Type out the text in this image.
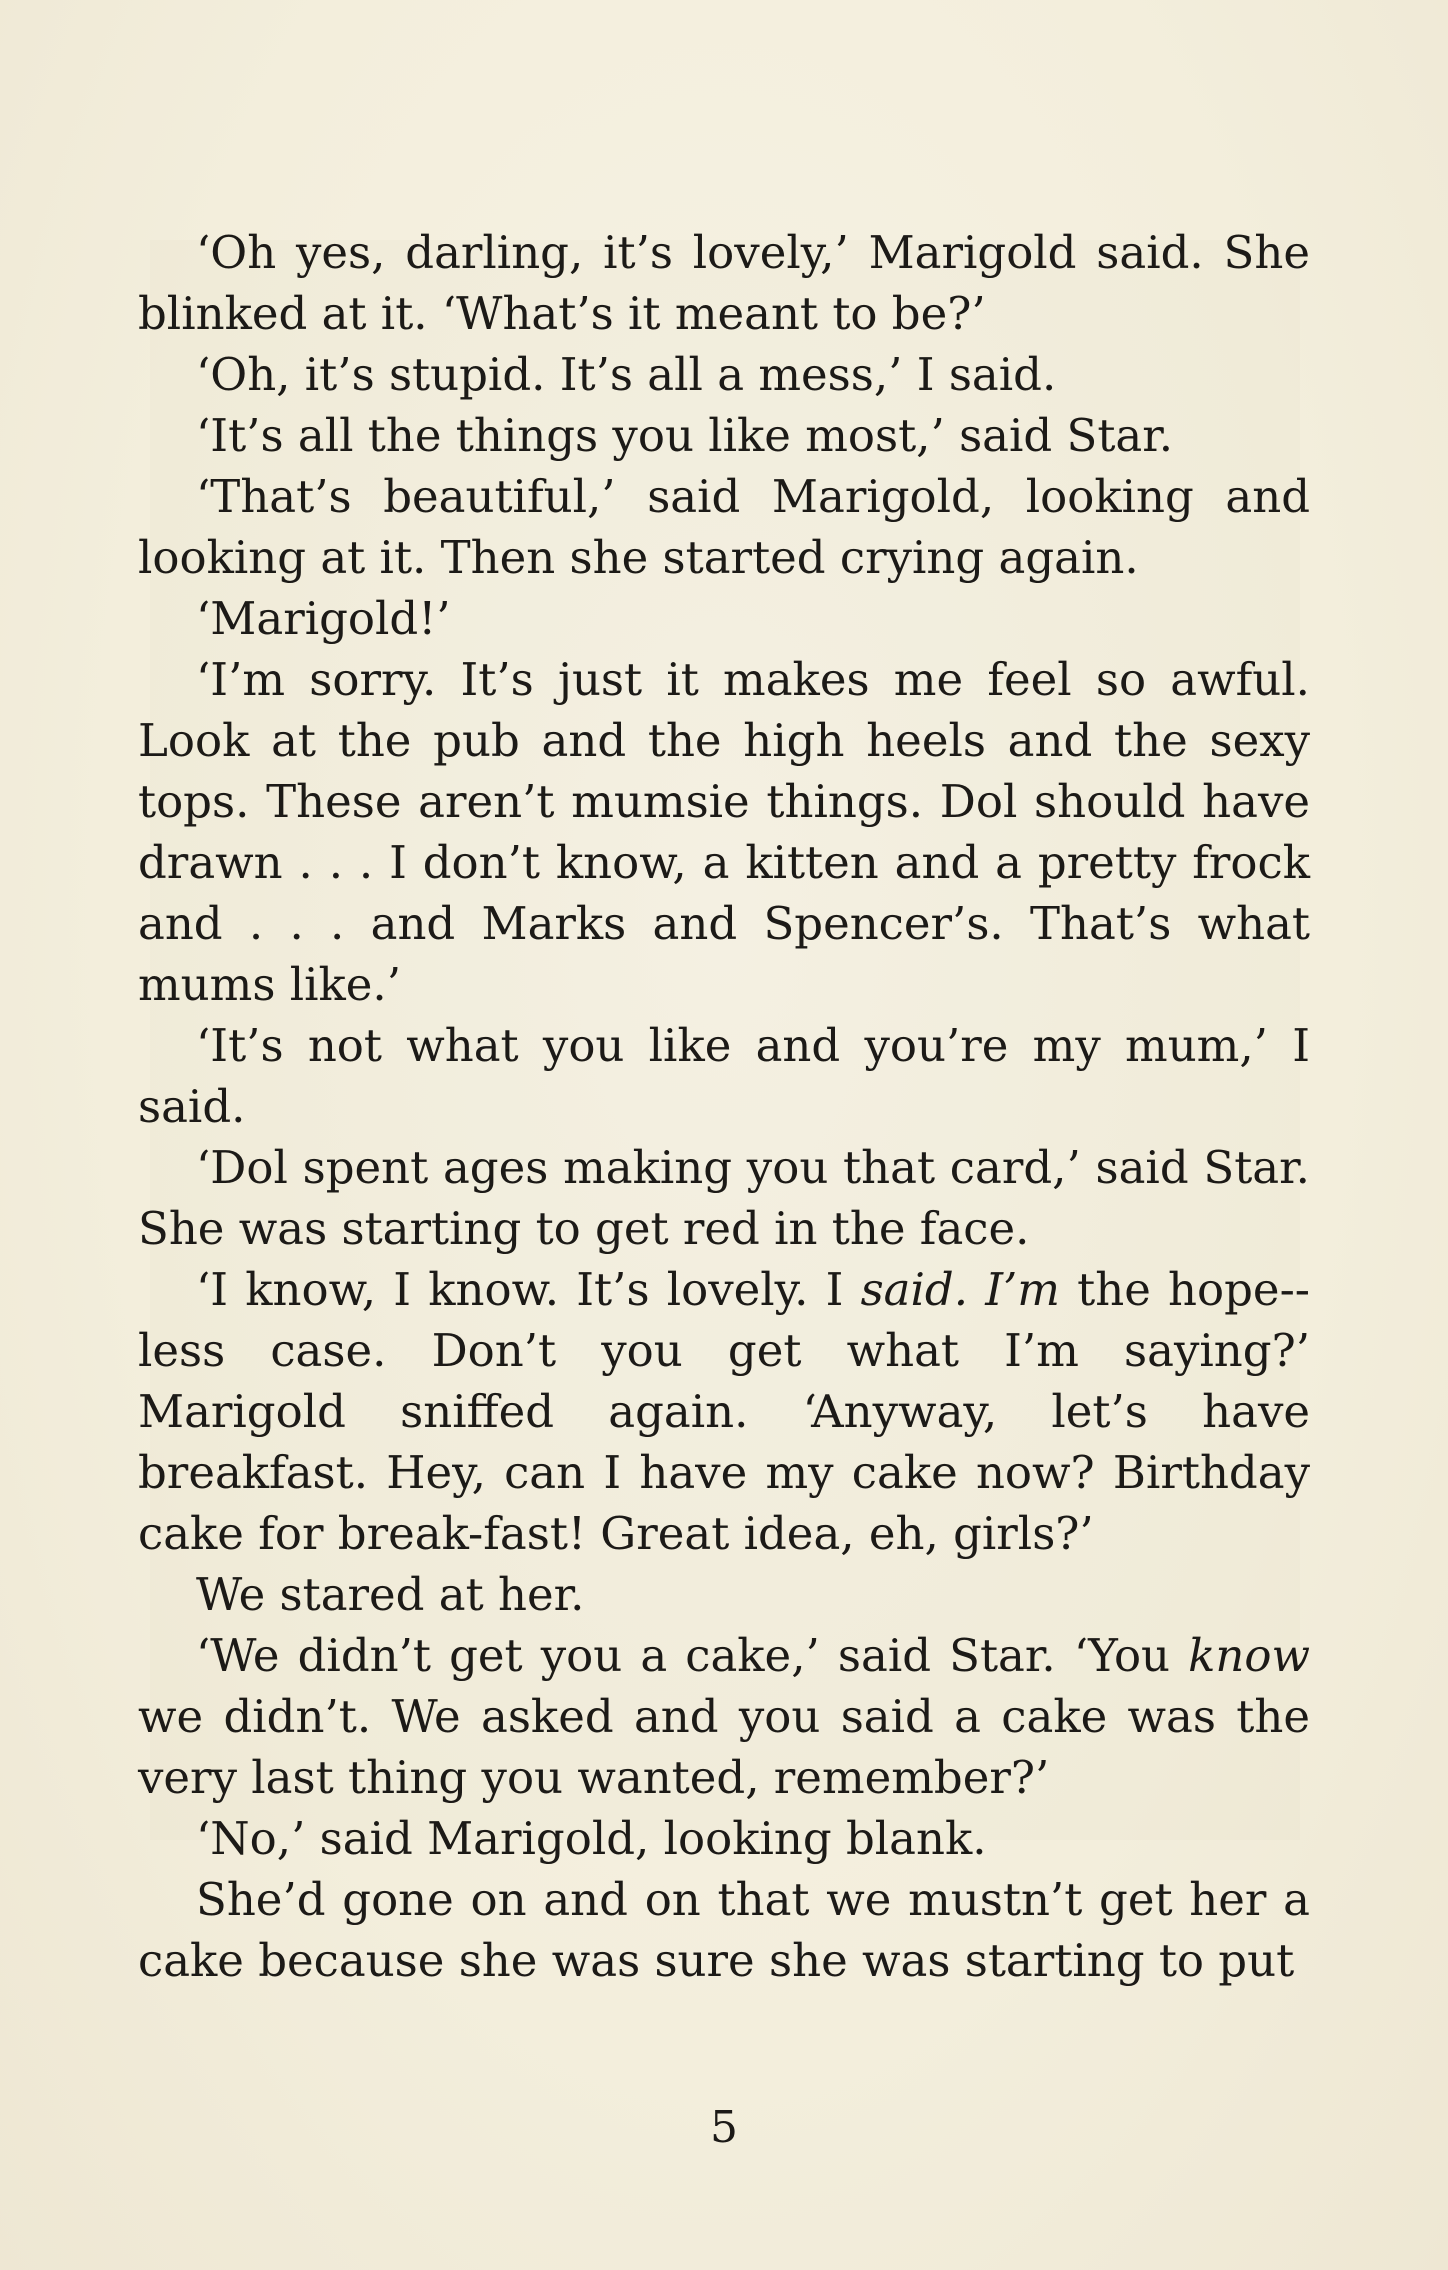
‘Oh yes, darling, it’s lovely,’ Marigold said. She blinked at it. ‘What’s it meant to be?’

‘Oh, it’s stupid. It’s all a mess,’ I said.

‘It’s all the things you like most,’ said Star.

‘That’s beautiful,’ said Marigold, looking and looking at it. Then she started crying again.

‘Marigold!’

‘I’m sorry. It’s just it makes me feel so awful. Look at the pub and the high heels and the sexy tops. These aren’t mumsie things. Dol should have drawn . . . I don’t know, a kitten and a pretty frock and . . . and Marks and Spencer’s. That’s what mums like.’

‘It’s not what you like and you’re my mum,’ I said.

‘Dol spent ages making you that card,’ said Star. She was starting to get red in the face.

‘I know, I know. It’s lovely. I said. I’m the hope-less case. Don’t you get what I’m saying?’ Marigold sniffed again. ‘Anyway, let’s have breakfast. Hey, can I have my cake now? Birthday cake for break-fast! Great idea, eh, girls?’

We stared at her.

‘We didn’t get you a cake,’ said Star. ‘You know we didn’t. We asked and you said a cake was the very last thing you wanted, remember?’

‘No,’ said Marigold, looking blank.

She’d gone on and on that we mustn’t get her a cake because she was sure she was starting to put

5
